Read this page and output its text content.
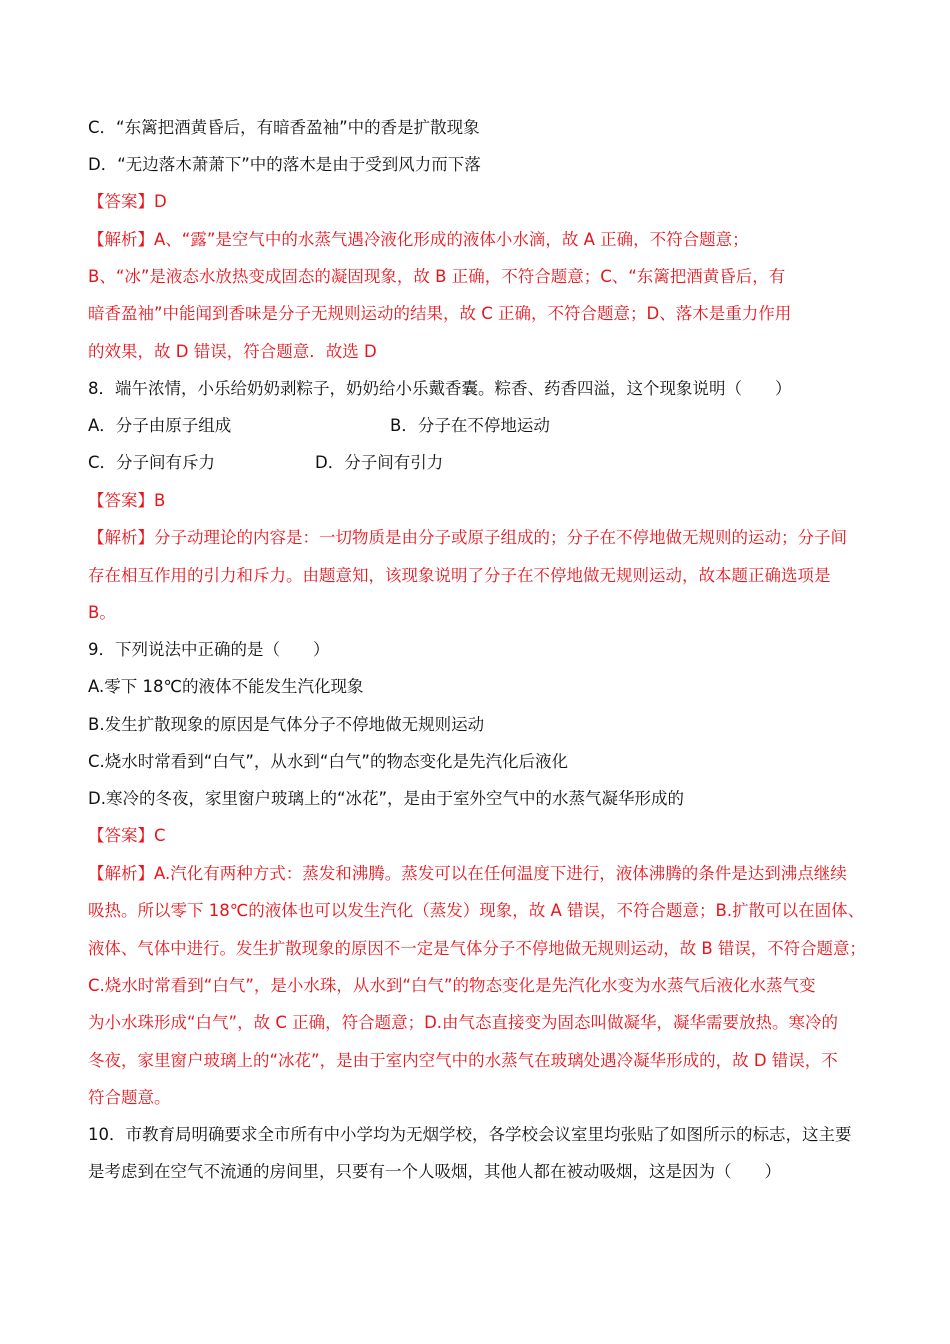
C．“东篱把酒黄昏后，有暗香盈袖”中的香是扩散现象
D．“无边落木萧萧下”中的落木是由于受到风力而下落
【答案】D
【解析】A、“露”是空气中的水蒸气遇冷液化形成的液体小水滴，故 A 正确，不符合题意；
B、“冰”是液态水放热变成固态的凝固现象，故 B 正确，不符合题意；C、“东篱把酒黄昏后，有
暗香盈袖”中能闻到香味是分子无规则运动的结果，故 C 正确，不符合题意；D、落木是重力作用
的效果，故 D 错误，符合题意．故选 D
8．端午浓情，小乐给奶奶剥粽子，奶奶给小乐戴香囊。粽香、药香四溢，这个现象说明（　　）
A．分子由原子组成	B．分子在不停地运动
C．分子间有斥力	D．分子间有引力
【答案】B
【解析】分子动理论的内容是：一切物质是由分子或原子组成的；分子在不停地做无规则的运动；分子间
存在相互作用的引力和斥力。由题意知，该现象说明了分子在不停地做无规则运动，故本题正确选项是
B。
9．下列说法中正确的是（　　）
A.零下 18℃的液体不能发生汽化现象
B.发生扩散现象的原因是气体分子不停地做无规则运动
C.烧水时常看到“白气”，从水到“白气”的物态变化是先汽化后液化
D.寒冷的冬夜，家里窗户玻璃上的“冰花”，是由于室外空气中的水蒸气凝华形成的
【答案】C
【解析】A.汽化有两种方式：蒸发和沸腾。蒸发可以在任何温度下进行，液体沸腾的条件是达到沸点继续
吸热。所以零下 18℃的液体也可以发生汽化（蒸发）现象，故 A 错误，不符合题意；B.扩散可以在固体、
液体、气体中进行。发生扩散现象的原因不一定是气体分子不停地做无规则运动，故 B 错误，不符合题意；
C.烧水时常看到“白气”，是小水珠，从水到“白气”的物态变化是先汽化水变为水蒸气后液化水蒸气变
为小水珠形成“白气”，故 C 正确，符合题意；D.由气态直接变为固态叫做凝华，凝华需要放热。寒冷的
冬夜，家里窗户玻璃上的“冰花”，是由于室内空气中的水蒸气在玻璃处遇冷凝华形成的，故 D 错误，不
符合题意。
10．市教育局明确要求全市所有中小学均为无烟学校，各学校会议室里均张贴了如图所示的标志，这主要
是考虑到在空气不流通的房间里，只要有一个人吸烟，其他人都在被动吸烟，这是因为（　　）
